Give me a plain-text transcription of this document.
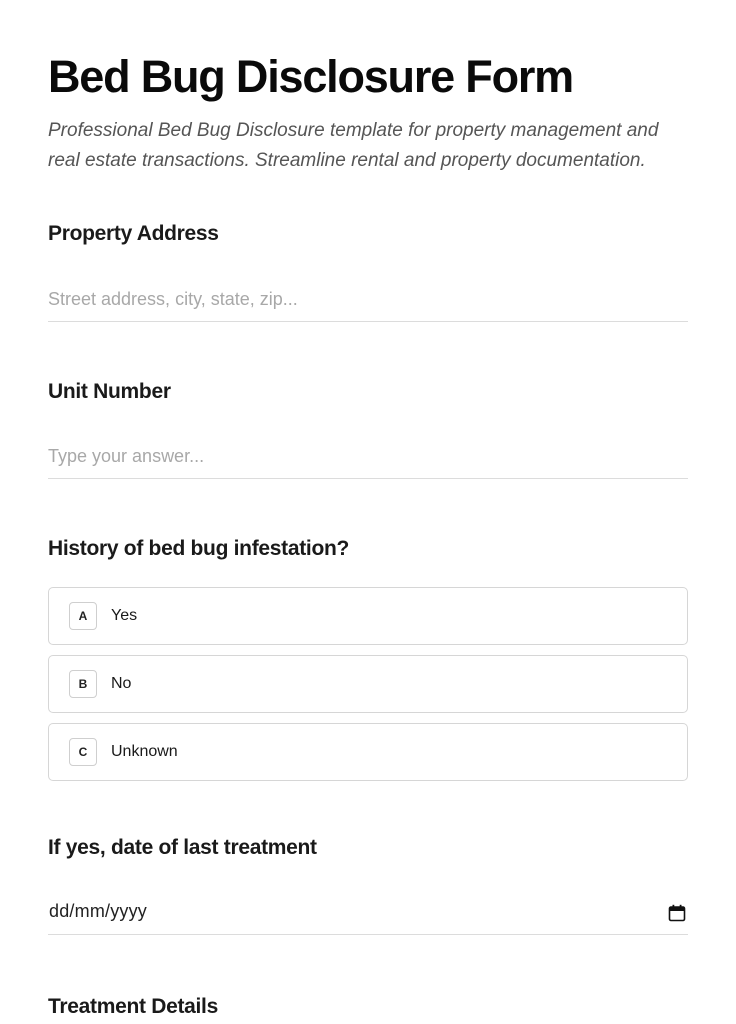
Bed Bug Disclosure Form

Professional Bed Bug Disclosure template for property management and real estate transactions. Streamline rental and property documentation.

Property Address
Street address, city, state, zip...
Unit Number
Type your answer...
History of bed bug infestation?
A	Yes
B	No
C	Unknown
If yes, date of last treatment
dd/mm/yyyy
Treatment Details
